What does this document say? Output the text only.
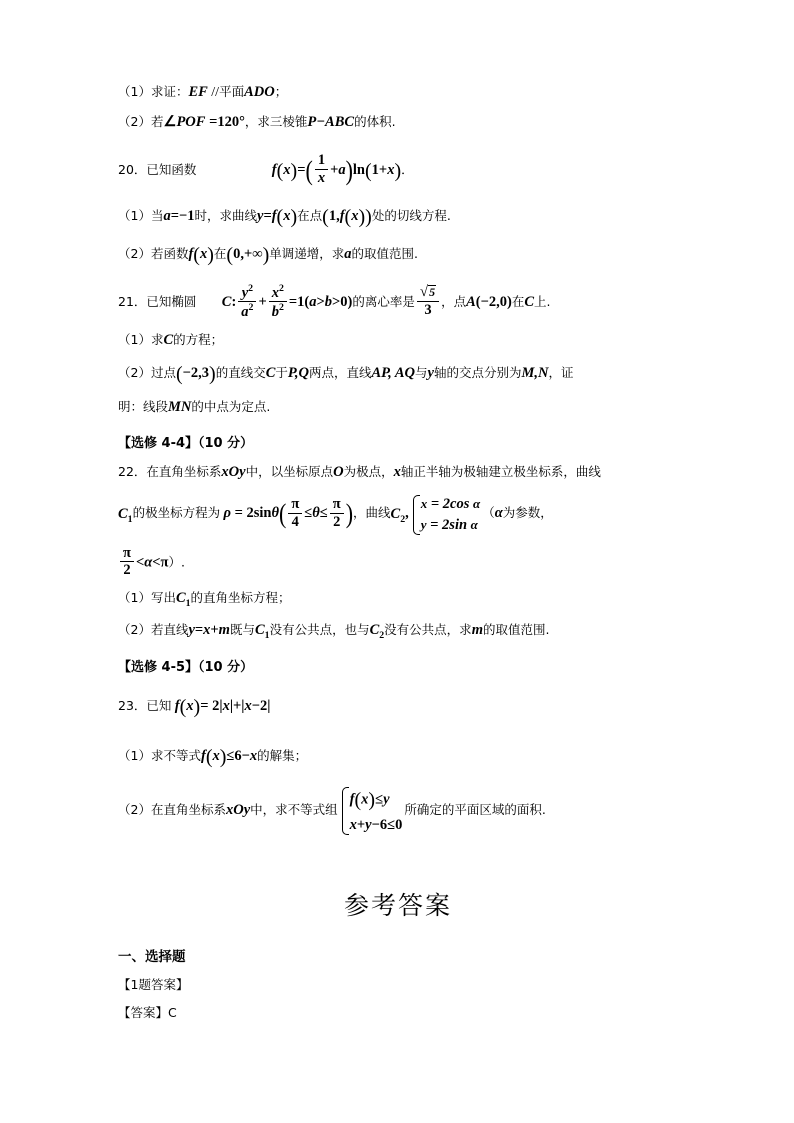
（1）求证：EF //平面ADO；
（2）若∠POF =120°，求三棱锥P−ABC的体积.
20．已知函数	$f(x)=( \frac{1}{x} +a)\ln(1+x)$．
（1）当a=−1时，求曲线y=f(x)在点(1,f(x))处的切线方程.
（2）若函数f(x)在(0,+∞)单调递增，求a的取值范围.
21．已知椭圆 C: $\frac{y^2}{a^2} + \frac{x^2}{b^2} =1(a>b>0)$的离心率是 $\frac{√5}{3}$ ，点A(−2,0)在C上.
（1）求C的方程；
（2）过点(−2,3)的直线交C于P,Q两点，直线AP, AQ与y轴的交点分别为M,N，证
明：线段MN的中点为定点.
【选修 4-4】（10 分）
22．在直角坐标系xOy中，以坐标原点O为极点，x轴正半轴为极轴建立极坐标系，曲线
$C_1$的极坐标方程为 $\rho = 2\sin\theta( \frac{\pi}{4} \le\theta\le \frac{\pi}{2}$ )，曲线$C_2$,
x = 2cos α
y = 2sin α
（α为参数，
$\frac{\pi}{2} <\alpha<\pi$）.
（1）写出$C_1$的直角坐标方程；
（2）若直线y=x+m既与$C_1$没有公共点，也与$C_2$没有公共点，求m的取值范围.
【选修 4-5】（10 分）
23．已知 f(x)= 2|x|+|x−2|
（1）求不等式f(x)≤6−x的解集；
（2）在直角坐标系xOy中，求不等式组
f(x)≤y
x+y−6≤0
所确定的平面区域的面积.
参考答案
一、选择题
【1题答案】
【答案】C
